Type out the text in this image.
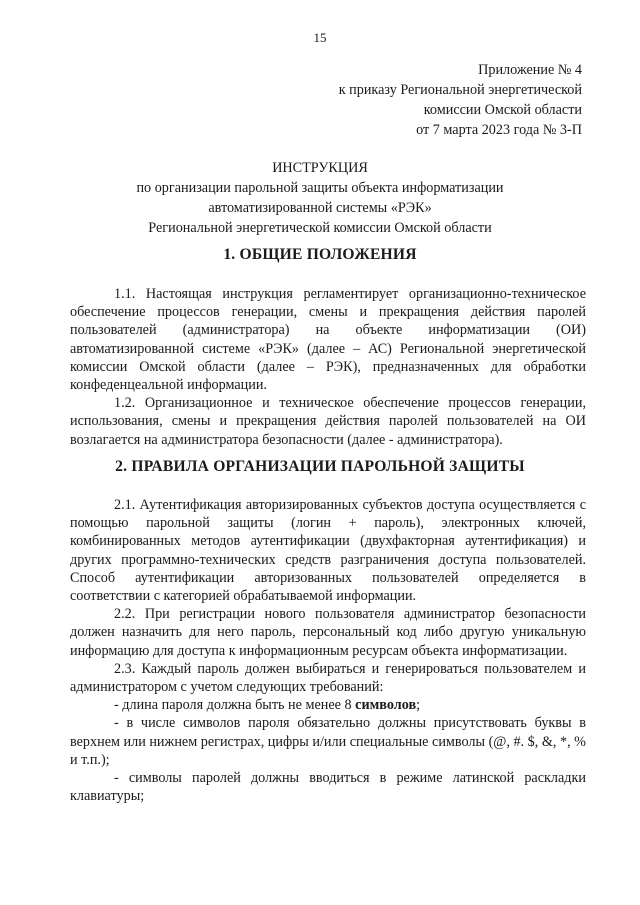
15
Приложение № 4
к приказу Региональной энергетической
комиссии Омской области
от 7 марта 2023 года № 3-П
ИНСТРУКЦИЯ
по организации парольной защиты объекта информатизации
автоматизированной системы «РЭК»
Региональной энергетической комиссии Омской области
1. ОБЩИЕ ПОЛОЖЕНИЯ

1.1. Настоящая инструкция регламентирует организационно-техническое обеспечение процессов генерации, смены и прекращения действия паролей пользователей (администратора) на объекте информатизации (ОИ) автоматизированной системе «РЭК» (далее – АС) Региональной энергетической комиссии Омской области (далее – РЭК), предназначенных для обработки конфеденцеальной информации.

1.2. Организационное и техническое обеспечение процессов генерации, использования, смены и прекращения действия паролей пользователей на ОИ возлагается на администратора безопасности (далее - администратора).

2. ПРАВИЛА ОРГАНИЗАЦИИ ПАРОЛЬНОЙ ЗАЩИТЫ

2.1. Аутентификация авторизированных субъектов доступа осуществляется с помощью парольной защиты (логин + пароль), электронных ключей, комбинированных методов аутентификации (двухфакторная аутентификация) и других программно-технических средств разграничения доступа пользователей. Способ аутентификации авторизованных пользователей определяется в соответствии с категорией обрабатываемой информации.

2.2. При регистрации нового пользователя администратор безопасности должен назначить для него пароль, персональный код либо другую уникальную информацию для доступа к информационным ресурсам объекта информатизации.

2.3. Каждый пароль должен выбираться и генерироваться пользователем и администратором с учетом следующих требований:

- длина пароля должна быть не менее 8 символов;

- в числе символов пароля обязательно должны присутствовать буквы в верхнем или нижнем регистрах, цифры и/или специальные символы (@, #. $, &, *, % и т.п.);

- символы паролей должны вводиться в режиме латинской раскладки клавиатуры;
